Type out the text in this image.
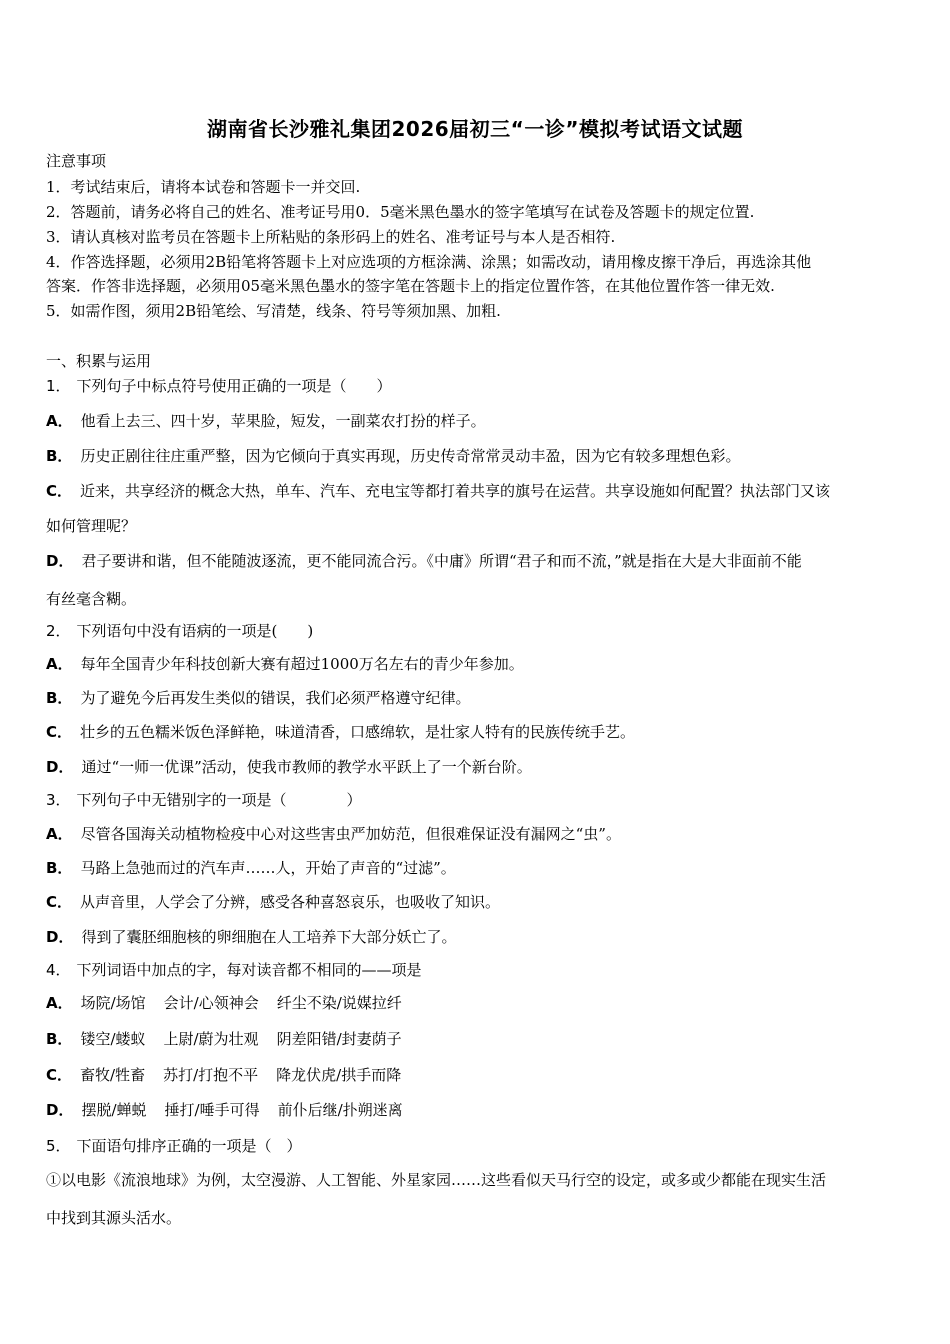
湖南省长沙雅礼集团2026届初三“一诊”模拟考试语文试题
注意事项
1．考试结束后，请将本试卷和答题卡一并交回.
2．答题前，请务必将自己的姓名、准考证号用0．5毫米黑色墨水的签字笔填写在试卷及答题卡的规定位置.
3．请认真核对监考员在答题卡上所粘贴的条形码上的姓名、准考证号与本人是否相符.
4．作答选择题，必须用2B铅笔将答题卡上对应选项的方框涂满、涂黑；如需改动，请用橡皮擦干净后，再选涂其他
答案．作答非选择题，必须用05毫米黑色墨水的签字笔在答题卡上的指定位置作答，在其他位置作答一律无效.
5．如需作图，须用2B铅笔绘、写清楚，线条、符号等须加黑、加粗.
一、积累与运用
1． 下列句子中标点符号使用正确的一项是（　　）
A． 他看上去三、四十岁，苹果脸，短发，一副菜农打扮的样子。
B． 历史正剧往往庄重严整，因为它倾向于真实再现，历史传奇常常灵动丰盈，因为它有较多理想色彩。
C． 近来，共享经济的概念大热，单车、汽车、充电宝等都打着共享的旗号在运营。共享设施如何配置？执法部门又该
如何管理呢？
D． 君子要讲和谐，但不能随波逐流，更不能同流合污。《中庸》所谓“君子和而不流，”就是指在大是大非面前不能
有丝毫含糊。
2． 下列语句中没有语病的一项是(　　)
A． 每年全国青少年科技创新大赛有超过1000万名左右的青少年参加。
B． 为了避免今后再发生类似的错误，我们必须严格遵守纪律。
C． 壮乡的五色糯米饭色泽鲜艳，味道清香，口感绵软，是壮家人特有的民族传统手艺。
D． 通过“一师一优课”活动，使我市教师的教学水平跃上了一个新台阶。
3． 下列句子中无错别字的一项是（　　　　）
A． 尽管各国海关动植物检疫中心对这些害虫严加妨范，但很难保证没有漏网之“虫”。
B． 马路上急弛而过的汽车声……人，开始了声音的“过滤”。
C． 从声音里，人学会了分辨，感受各种喜怒哀乐，也吸收了知识。
D． 得到了囊胚细胞核的卵细胞在人工培养下大部分妖亡了。
4． 下列词语中加点的字，每对读音都不相同的——项是
A． 场院/场馆 会计/心领神会 纤尘不染/说媒拉纤
B． 镂空/蝼蚁 上尉/蔚为壮观 阴差阳错/封妻荫子
C． 畜牧/牲畜 苏打/打抱不平 降龙伏虎/拱手而降
D． 摆脱/蝉蜕 捶打/唾手可得 前仆后继/扑朔迷离
5． 下面语句排序正确的一项是（　）
①以电影《流浪地球》为例，太空漫游、人工智能、外星家园……这些看似天马行空的设定，或多或少都能在现实生活
中找到其源头活水。
